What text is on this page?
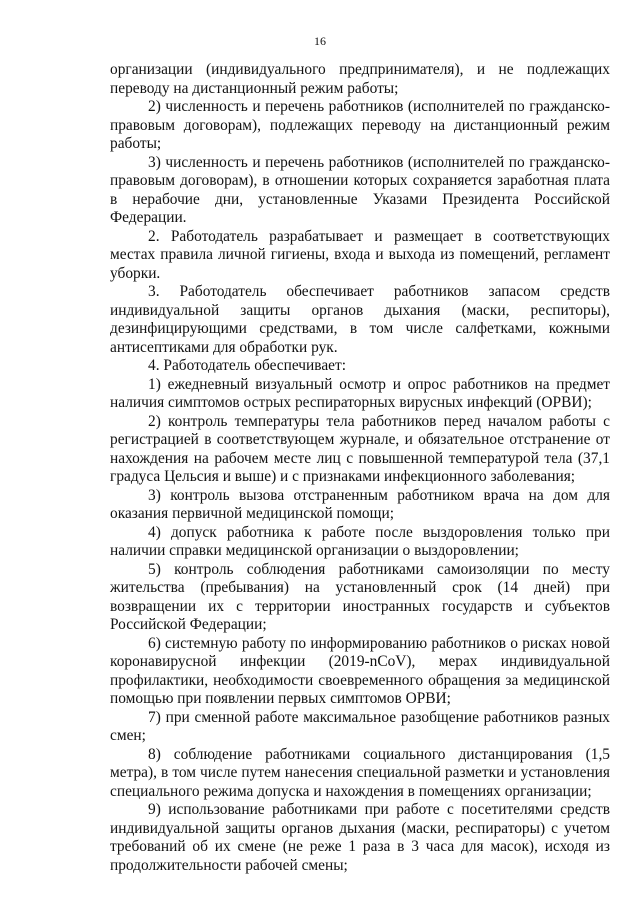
16

организации (индивидуального предпринимателя), и не подлежащих переводу на дистанционный режим работы;

2) численность и перечень работников (исполнителей по гражданско-правовым договорам), подлежащих переводу на дистанционный режим работы;

3) численность и перечень работников (исполнителей по гражданско-правовым договорам), в отношении которых сохраняется заработная плата в нерабочие дни, установленные Указами Президента Российской Федерации.

2. Работодатель разрабатывает и размещает в соответствующих местах правила личной гигиены, входа и выхода из помещений, регламент уборки.

3. Работодатель обеспечивает работников запасом средств индивидуальной защиты органов дыхания (маски, респиторы), дезинфицирующими средствами, в том числе салфетками, кожными антисептиками для обработки рук.

4. Работодатель обеспечивает:

1) ежедневный визуальный осмотр и опрос работников на предмет наличия симптомов острых респираторных вирусных инфекций (ОРВИ);

2) контроль температуры тела работников перед началом работы с регистрацией в соответствующем журнале, и обязательное отстранение от нахождения на рабочем месте лиц с повышенной температурой тела (37,1 градуса Цельсия и выше) и с признаками инфекционного заболевания;

3) контроль вызова отстраненным работником врача на дом для оказания первичной медицинской помощи;

4) допуск работника к работе после выздоровления только при наличии справки медицинской организации о выздоровлении;

5) контроль соблюдения работниками самоизоляции по месту жительства (пребывания) на установленный срок (14 дней) при возвращении их с территории иностранных государств и субъектов Российской Федерации;

6) системную работу по информированию работников о рисках новой коронавирусной инфекции (2019-nCoV), мерах индивидуальной профилактики, необходимости своевременного обращения за медицинской помощью при появлении первых симптомов ОРВИ;

7) при сменной работе максимальное разобщение работников разных смен;

8) соблюдение работниками социального дистанцирования (1,5 метра), в том числе путем нанесения специальной разметки и установления специального режима допуска и нахождения в помещениях организации;

9) использование работниками при работе с посетителями средств индивидуальной защиты органов дыхания (маски, респираторы) с учетом требований об их смене (не реже 1 раза в 3 часа для масок), исходя из продолжительности рабочей смены;
